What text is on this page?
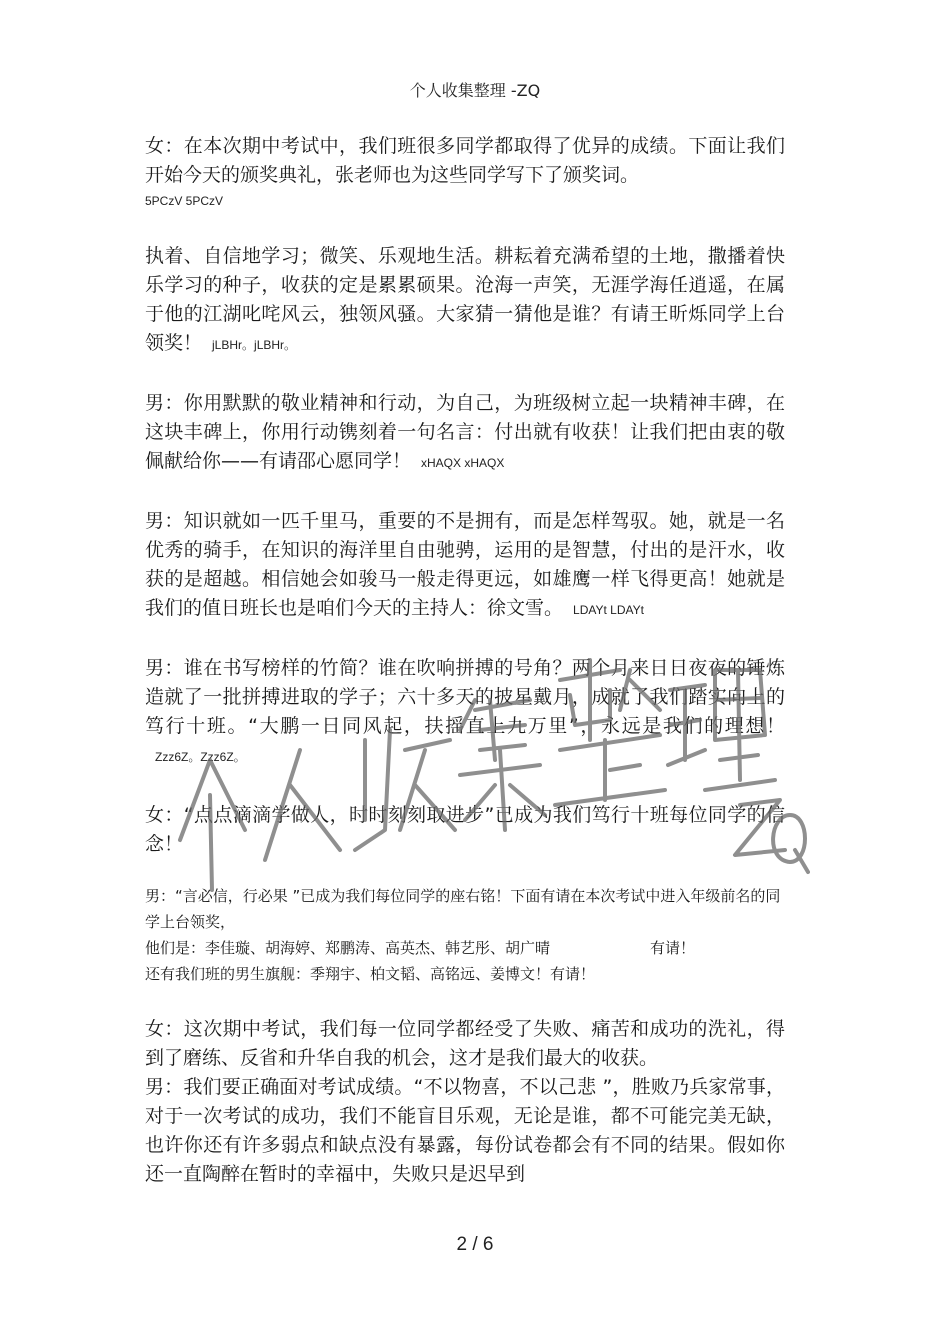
个人收集整理 -ZQ

女：在本次期中考试中，我们班很多同学都取得了优异的成绩。下面让我们开始今天的颁奖典礼，张老师也为这些同学写下了颁奖词。
5PCzV 5PCzV

执着、自信地学习；微笑、乐观地生活。耕耘着充满希望的土地，撒播着快乐学习的种子，收获的定是累累硕果。沧海一声笑，无涯学海任逍遥，在属于他的江湖叱咤风云，独领风骚。大家猜一猜他是谁？有请王昕烁同学上台领奖！ jLBHr。jLBHr。

男：你用默默的敬业精神和行动，为自己，为班级树立起一块精神丰碑，在这块丰碑上，你用行动镌刻着一句名言：付出就有收获！让我们把由衷的敬佩献给你——有请邵心愿同学！ xHAQX xHAQX

男：知识就如一匹千里马，重要的不是拥有，而是怎样驾驭。她，就是一名优秀的骑手，在知识的海洋里自由驰骋，运用的是智慧，付出的是汗水，收获的是超越。相信她会如骏马一般走得更远，如雄鹰一样飞得更高！她就是我们的值日班长也是咱们今天的主持人：徐文雪。 LDAYt LDAYt

男：谁在书写榜样的竹简？谁在吹响拼搏的号角？两个月来日日夜夜的锤炼造就了一批拼搏进取的学子；六十多天的披星戴月，成就了我们踏实向上的笃行十班。“大鹏一日同风起，扶摇直上九万里”，永远是我们的理想！Zzz6Z。Zzz6Z。

女：“点点滴滴学做人，时时刻刻取进步”已成为我们笃行十班每位同学的信念！

男：“言必信，行必果 ”已成为我们每位同学的座右铭！下面有请在本次考试中进入年级前名的同学上台领奖，

他们是：李佳璇、胡海婷、郑鹏涛、高英杰、韩艺彤、胡广晴	有请！

还有我们班的男生旗舰：季翔宇、柏文韬、高铭远、姜博文！有请！

女：这次期中考试，我们每一位同学都经受了失败、痛苦和成功的洗礼，得到了磨练、反省和升华自我的机会，这才是我们最大的收获。

男：我们要正确面对考试成绩。“不以物喜，不以己悲 ”，胜败乃兵家常事，对于一次考试的成功，我们不能盲目乐观，无论是谁，都不可能完美无缺，也许你还有许多弱点和缺点没有暴露，每份试卷都会有不同的结果。假如你还一直陶醉在暂时的幸福中，失败只是迟早到

2 / 6
